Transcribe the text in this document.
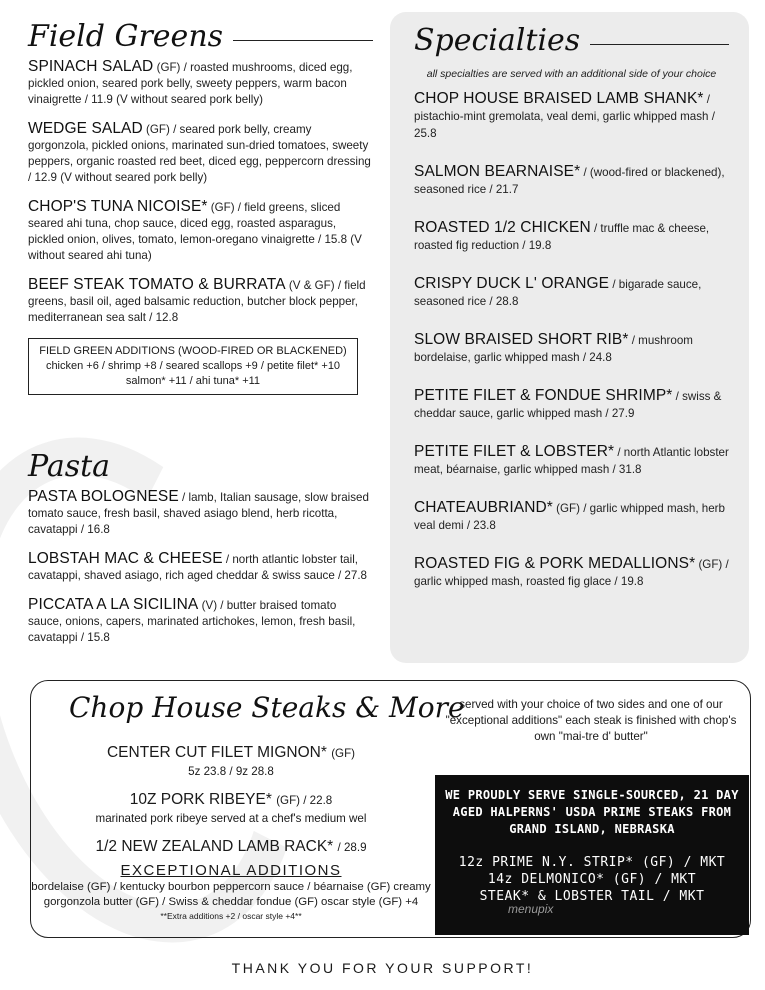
Field Greens
SPINACH SALAD (GF) / roasted mushrooms, diced egg, pickled onion, seared pork belly, sweety peppers, warm bacon vinaigrette / 11.9 (V without seared pork belly)
WEDGE SALAD (GF) / seared pork belly, creamy gorgonzola, pickled onions, marinated sun-dried tomatoes, sweety peppers, organic roasted red beet, diced egg, peppercorn dressing / 12.9 (V without seared pork belly)
CHOP'S TUNA NICOISE* (GF) / field greens, sliced seared ahi tuna, chop sauce, diced egg, roasted asparagus, pickled onion, olives, tomato, lemon-oregano vinaigrette / 15.8 (V without seared ahi tuna)
BEEF STEAK TOMATO & BURRATA (V & GF) / field greens, basil oil, aged balsamic reduction, butcher block pepper, mediterranean sea salt / 12.8
FIELD GREEN ADDITIONS (WOOD-FIRED OR BLACKENED)
chicken +6 / shrimp +8 / seared scallops +9 / petite filet* +10 salmon* +11 / ahi tuna* +11
Pasta
PASTA BOLOGNESE / lamb, Italian sausage, slow braised tomato sauce, fresh basil, shaved asiago blend, herb ricotta, cavatappi / 16.8
LOBSTAH MAC & CHEESE / north atlantic lobster tail, cavatappi, shaved asiago, rich aged cheddar & swiss sauce / 27.8
PICCATA A LA SICILINA (V) / butter braised tomato sauce, onions, capers, marinated artichokes, lemon, fresh basil, cavatappi / 15.8
Specialties
all specialties are served with an additional side of your choice
CHOP HOUSE BRAISED LAMB SHANK* / pistachio-mint gremolata, veal demi, garlic whipped mash / 25.8
SALMON BEARNAISE* / (wood-fired or blackened), seasoned rice / 21.7
ROASTED 1/2 CHICKEN / truffle mac & cheese, roasted fig reduction / 19.8
CRISPY DUCK L' ORANGE / bigarade sauce, seasoned rice / 28.8
SLOW BRAISED SHORT RIB* / mushroom bordelaise, garlic whipped mash / 24.8
PETITE FILET & FONDUE SHRIMP* / swiss & cheddar sauce, garlic whipped mash / 27.9
PETITE FILET & LOBSTER* / north Atlantic lobster meat, béarnaise, garlic whipped mash / 31.8
CHATEAUBRIAND* (GF) / garlic whipped mash, herb veal demi / 23.8
ROASTED FIG & PORK MEDALLIONS* (GF) / garlic whipped mash, roasted fig glace / 19.8
Chop House Steaks & More
CENTER CUT FILET MIGNON* (GF)
5z 23.8 / 9z 28.8
10Z PORK RIBEYE* (GF) / 22.8
marinated pork ribeye served at a chef's medium wel
1/2 NEW ZEALAND LAMB RACK* / 28.9
EXCEPTIONAL ADDITIONS
bordelaise (GF) / kentucky bourbon peppercorn sauce / béarnaise (GF) creamy gorgonzola butter (GF) / Swiss & cheddar fondue (GF) oscar style (GF) +4
**Extra additions +2 / oscar style +4**
served with your choice of two sides and one of our "exceptional additions" each steak is finished with chop's own "mai-tre d' butter"
WE PROUDLY SERVE SINGLE-SOURCED, 21 DAY AGED HALPERNS' USDA PRIME STEAKS FROM GRAND ISLAND, NEBRASKA
12z PRIME N.Y. STRIP* (GF) / MKT
14z DELMONICO* (GF) / MKT
STEAK* & LOBSTER TAIL / MKT
menupix
THANK YOU FOR YOUR SUPPORT!
